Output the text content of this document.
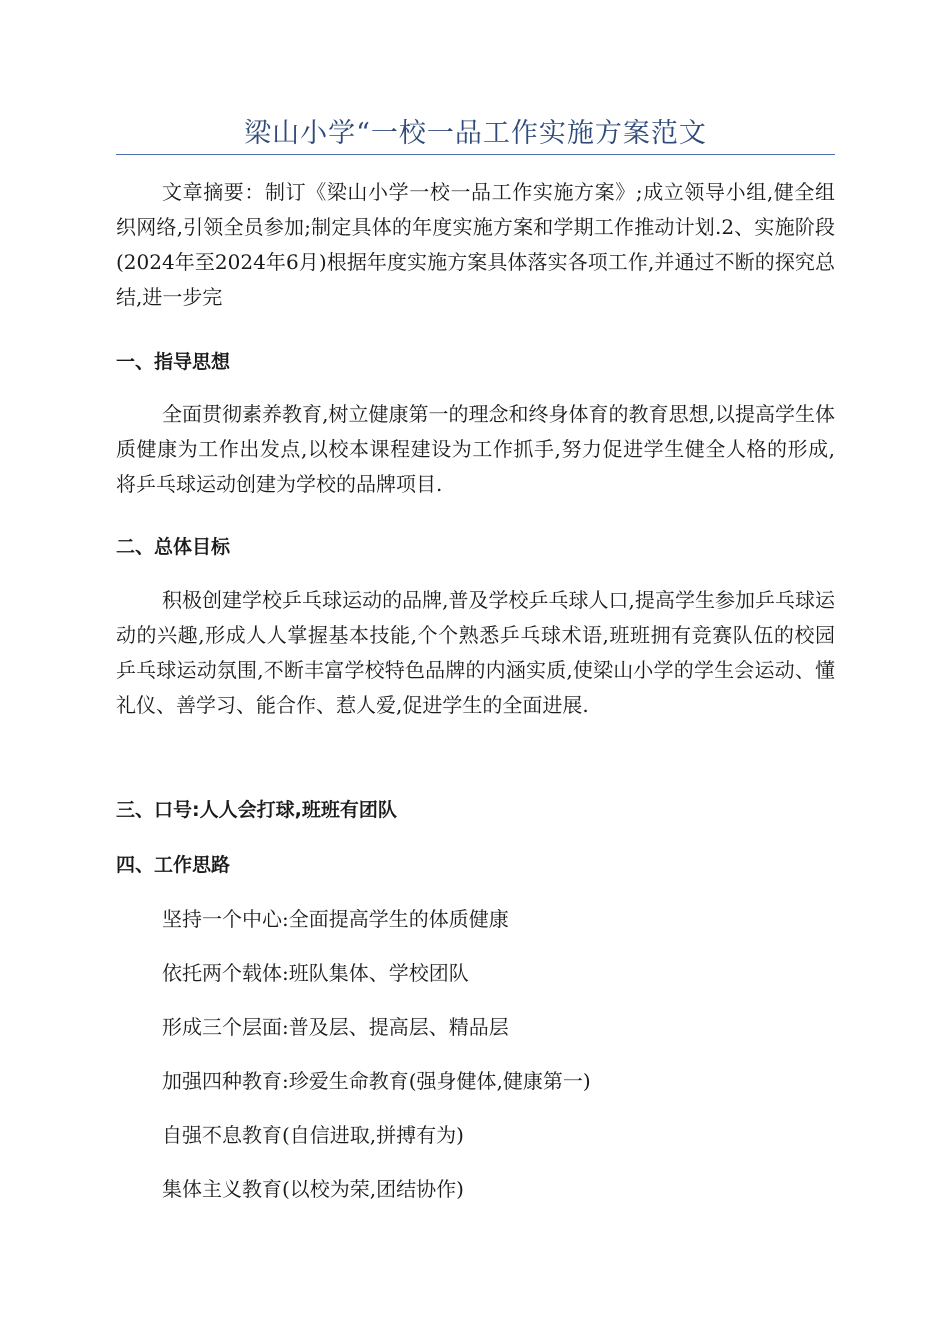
梁山小学“一校一品工作实施方案范文
文章摘要：制订《梁山小学一校一品工作实施方案》;成立领导小组,健全组织网络,引领全员参加;制定具体的年度实施方案和学期工作推动计划.2、实施阶段(2024年至2024年6月)根据年度实施方案具体落实各项工作,并通过不断的探究总结,进一步完
一、指导思想
全面贯彻素养教育,树立健康第一的理念和终身体育的教育思想,以提高学生体质健康为工作出发点,以校本课程建设为工作抓手,努力促进学生健全人格的形成,将乒乓球运动创建为学校的品牌项目.
二、总体目标
积极创建学校乒乓球运动的品牌,普及学校乒乓球人口,提高学生参加乒乓球运动的兴趣,形成人人掌握基本技能,个个熟悉乒乓球术语,班班拥有竞赛队伍的校园乒乓球运动氛围,不断丰富学校特色品牌的内涵实质,使梁山小学的学生会运动、懂礼仪、善学习、能合作、惹人爱,促进学生的全面进展.
三、口号:人人会打球,班班有团队
四、工作思路
坚持一个中心:全面提高学生的体质健康
依托两个载体:班队集体、学校团队
形成三个层面:普及层、提高层、精品层
加强四种教育:珍爱生命教育(强身健体,健康第一)
自强不息教育(自信进取,拼搏有为)
集体主义教育(以校为荣,团结协作)
